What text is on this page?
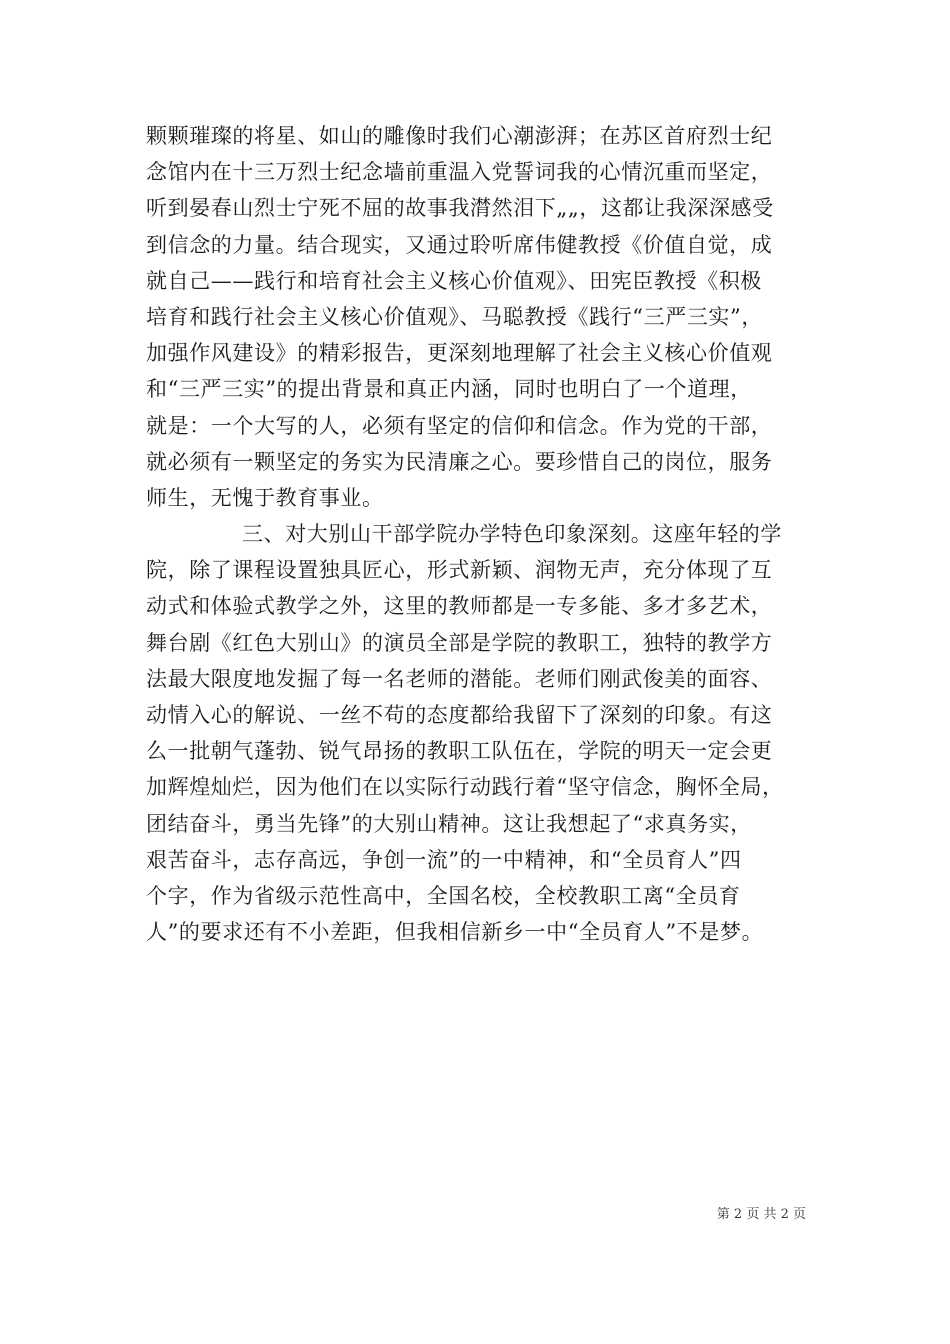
颗颗璀璨的将星、如山的雕像时我们心潮澎湃；在苏区首府烈士纪
念馆内在十三万烈士纪念墙前重温入党誓词我的心情沉重而坚定，
听到晏春山烈士宁死不屈的故事我潸然泪下„„，这都让我深深感受
到信念的力量。结合现实，又通过聆听席伟健教授《价值自觉，成
就自己——践行和培育社会主义核心价值观》、田宪臣教授《积极
培育和践行社会主义核心价值观》、马聪教授《践行“三严三实”，
加强作风建设》的精彩报告，更深刻地理解了社会主义核心价值观
和“三严三实”的提出背景和真正内涵，同时也明白了一个道理，
就是：一个大写的人，必须有坚定的信仰和信念。作为党的干部，
就必须有一颗坚定的务实为民清廉之心。要珍惜自己的岗位，服务
师生，无愧于教育事业。
三、对大别山干部学院办学特色印象深刻。这座年轻的学
院，除了课程设置独具匠心，形式新颖、润物无声，充分体现了互
动式和体验式教学之外，这里的教师都是一专多能、多才多艺术，
舞台剧《红色大别山》的演员全部是学院的教职工，独特的教学方
法最大限度地发掘了每一名老师的潜能。老师们刚武俊美的面容、
动情入心的解说、一丝不苟的态度都给我留下了深刻的印象。有这
么一批朝气蓬勃、锐气昂扬的教职工队伍在，学院的明天一定会更
加辉煌灿烂，因为他们在以实际行动践行着“坚守信念，胸怀全局，
团结奋斗，勇当先锋”的大别山精神。这让我想起了“求真务实，
艰苦奋斗，志存高远，争创一流”的一中精神，和“全员育人”四
个字，作为省级示范性高中，全国名校，全校教职工离“全员育
人”的要求还有不小差距，但我相信新乡一中“全员育人”不是梦。
第 2 页 共 2 页
